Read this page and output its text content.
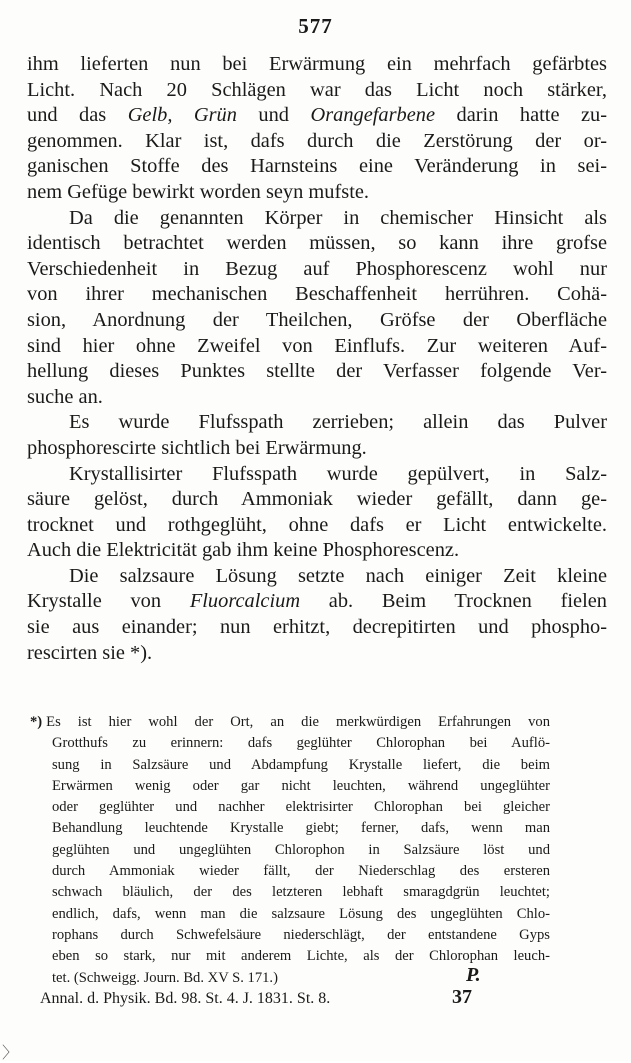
577
ihm lieferten nun bei Erwärmung ein mehrfach gefärbtes
Licht. Nach 20 Schlägen war das Licht noch stärker,
und das Gelb, Grün und Orangefarbene darin hatte zu-
genommen. Klar ist, dafs durch die Zerstörung der or-
ganischen Stoffe des Harnsteins eine Veränderung in sei-
nem Gefüge bewirkt worden seyn mufste.
Da die genannten Körper in chemischer Hinsicht als
identisch betrachtet werden müssen, so kann ihre grofse
Verschiedenheit in Bezug auf Phosphorescenz wohl nur
von ihrer mechanischen Beschaffenheit herrühren. Cohä-
sion, Anordnung der Theilchen, Gröfse der Oberfläche
sind hier ohne Zweifel von Einflufs. Zur weiteren Auf-
hellung dieses Punktes stellte der Verfasser folgende Ver-
suche an.
Es wurde Flufsspath zerrieben; allein das Pulver
phosphorescirte sichtlich bei Erwärmung.
Krystallisirter Flufsspath wurde gepülvert, in Salz-
säure gelöst, durch Ammoniak wieder gefällt, dann ge-
trocknet und rothgeglüht, ohne dafs er Licht entwickelte.
Auch die Elektricität gab ihm keine Phosphorescenz.
Die salzsaure Lösung setzte nach einiger Zeit kleine
Krystalle von Fluorcalcium ab. Beim Trocknen fielen
sie aus einander; nun erhitzt, decrepitirten und phospho-
rescirten sie *).
*) Es ist hier wohl der Ort, an die merkwürdigen Erfahrungen von
Grotthufs zu erinnern: dafs geglühter Chlorophan bei Auflö-
sung in Salzsäure und Abdampfung Krystalle liefert, die beim
Erwärmen wenig oder gar nicht leuchten, während ungeglühter
oder geglühter und nachher elektrisirter Chlorophan bei gleicher
Behandlung leuchtende Krystalle giebt; ferner, dafs, wenn man
geglühten und ungeglühten Chlorophon in Salzsäure löst und
durch Ammoniak wieder fällt, der Niederschlag des ersteren
schwach bläulich, der des letzteren lebhaft smaragdgrün leuchtet;
endlich, dafs, wenn man die salzsaure Lösung des ungeglühten Chlo-
rophans durch Schwefelsäure niederschlägt, der entstandene Gyps
eben so stark, nur mit anderem Lichte, als der Chlorophan leuch-
tet. (Schweigg. Journ. Bd. XV S. 171.)	P.
Annal. d. Physik. Bd. 98. St. 4. J. 1831. St. 8.	37
〉
